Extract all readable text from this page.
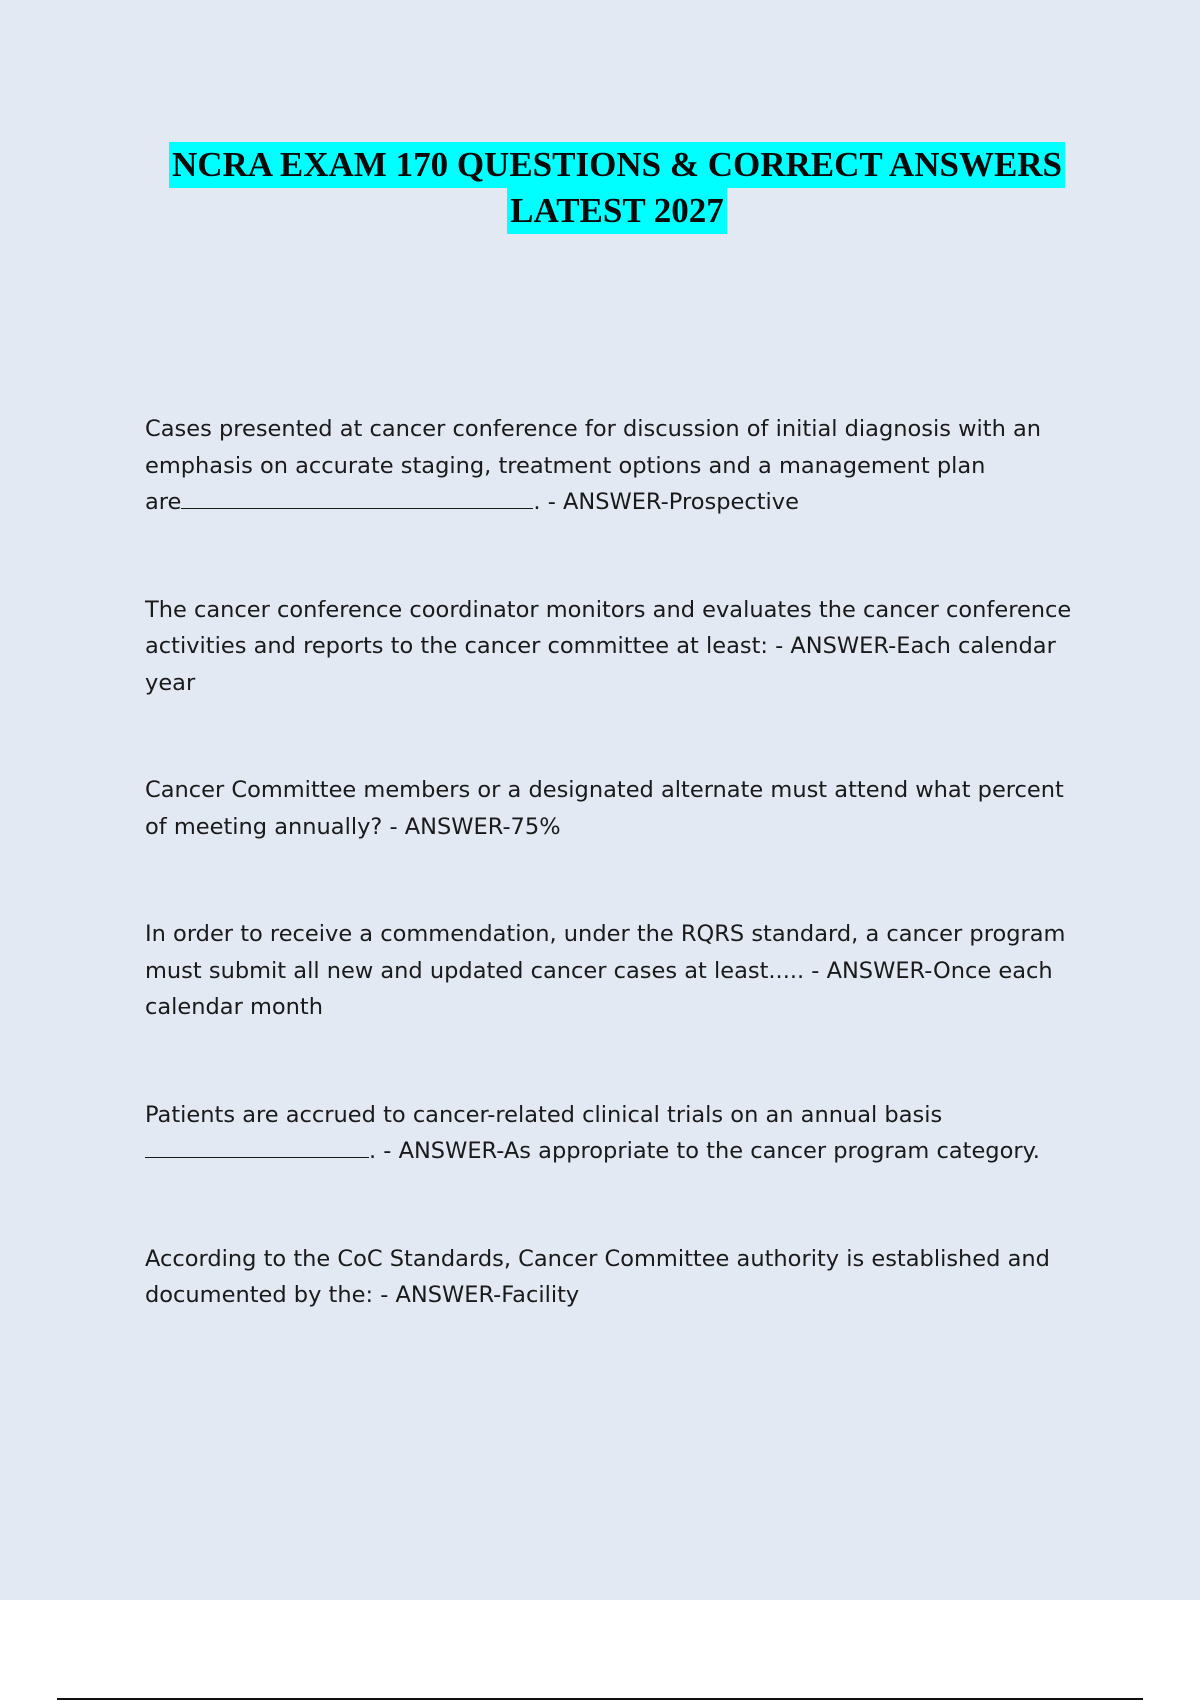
NCRA EXAM 170 QUESTIONS & CORRECT ANSWERS
LATEST 2027

Cases presented at cancer conference for discussion of initial diagnosis with an
emphasis on accurate staging, treatment options and a management plan
are	. - ANSWER-Prospective

The cancer conference coordinator monitors and evaluates the cancer conference
activities and reports to the cancer committee at least: - ANSWER-Each calendar
year

Cancer Committee members or a designated alternate must attend what percent
of meeting annually? - ANSWER-75%

In order to receive a commendation, under the RQRS standard, a cancer program
must submit all new and updated cancer cases at least..... - ANSWER-Once each
calendar month

Patients are accrued to cancer-related clinical trials on an annual basis
. - ANSWER-As appropriate to the cancer program category.

According to the CoC Standards, Cancer Committee authority is established and
documented by the: - ANSWER-Facility
